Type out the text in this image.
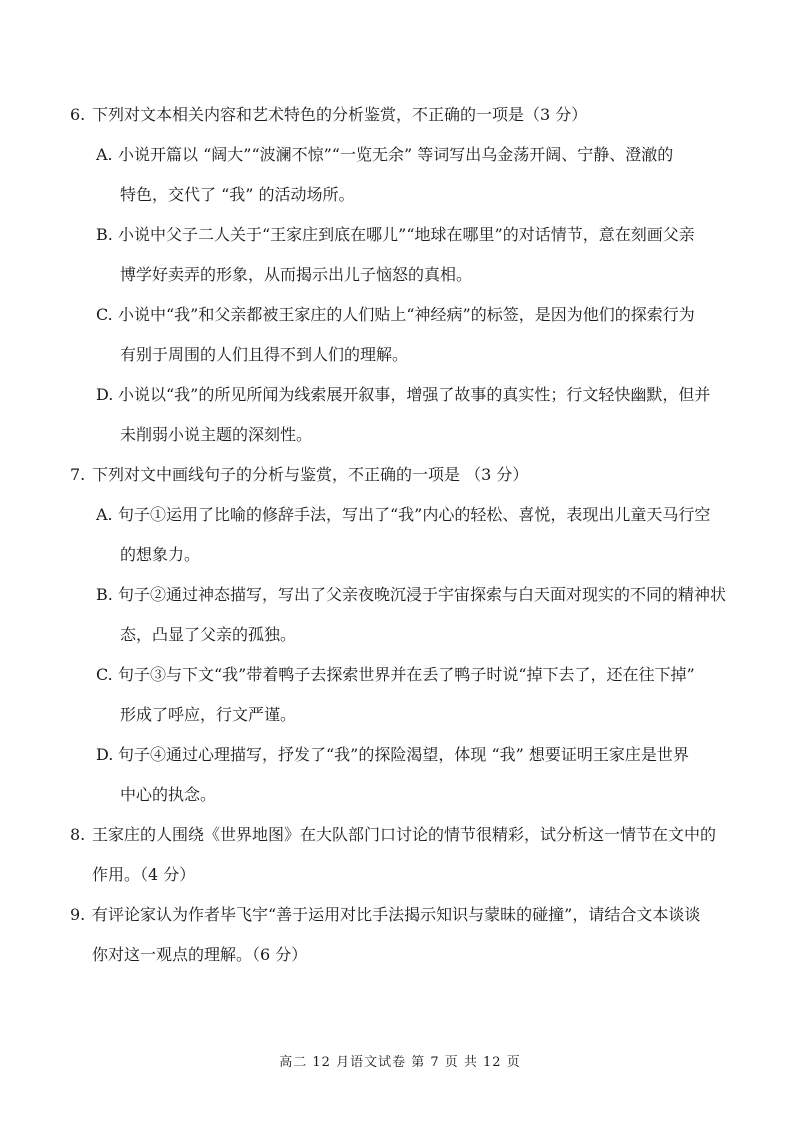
6. 下列对文本相关内容和艺术特色的分析鉴赏，不正确的一项是（3 分）
A. 小说开篇以 “阔大”“波澜不惊”“一览无余” 等词写出乌金荡开阔、宁静、澄澈的
特色，交代了 “我” 的活动场所。
B. 小说中父子二人关于“王家庄到底在哪儿”“地球在哪里”的对话情节，意在刻画父亲
博学好卖弄的形象，从而揭示出儿子恼怒的真相。
C. 小说中“我”和父亲都被王家庄的人们贴上“神经病”的标签，是因为他们的探索行为
有别于周围的人们且得不到人们的理解。
D. 小说以“我”的所见所闻为线索展开叙事，增强了故事的真实性；行文轻快幽默，但并
未削弱小说主题的深刻性。
7. 下列对文中画线句子的分析与鉴赏，不正确的一项是 （3 分）
A. 句子①运用了比喻的修辞手法，写出了“我”内心的轻松、喜悦，表现出儿童天马行空
的想象力。
B. 句子②通过神态描写，写出了父亲夜晚沉浸于宇宙探索与白天面对现实的不同的精神状
态，凸显了父亲的孤独。
C. 句子③与下文“我”带着鸭子去探索世界并在丢了鸭子时说“掉下去了，还在往下掉”
形成了呼应，行文严谨。
D. 句子④通过心理描写，抒发了“我”的探险渴望，体现 “我” 想要证明王家庄是世界
中心的执念。
8. 王家庄的人围绕《世界地图》在大队部门口讨论的情节很精彩，试分析这一情节在文中的
作用。（4 分）
9. 有评论家认为作者毕飞宇“善于运用对比手法揭示知识与蒙昧的碰撞”，请结合文本谈谈
你对这一观点的理解。（6 分）
高二 12 月语文试卷 第 7 页 共 12 页
